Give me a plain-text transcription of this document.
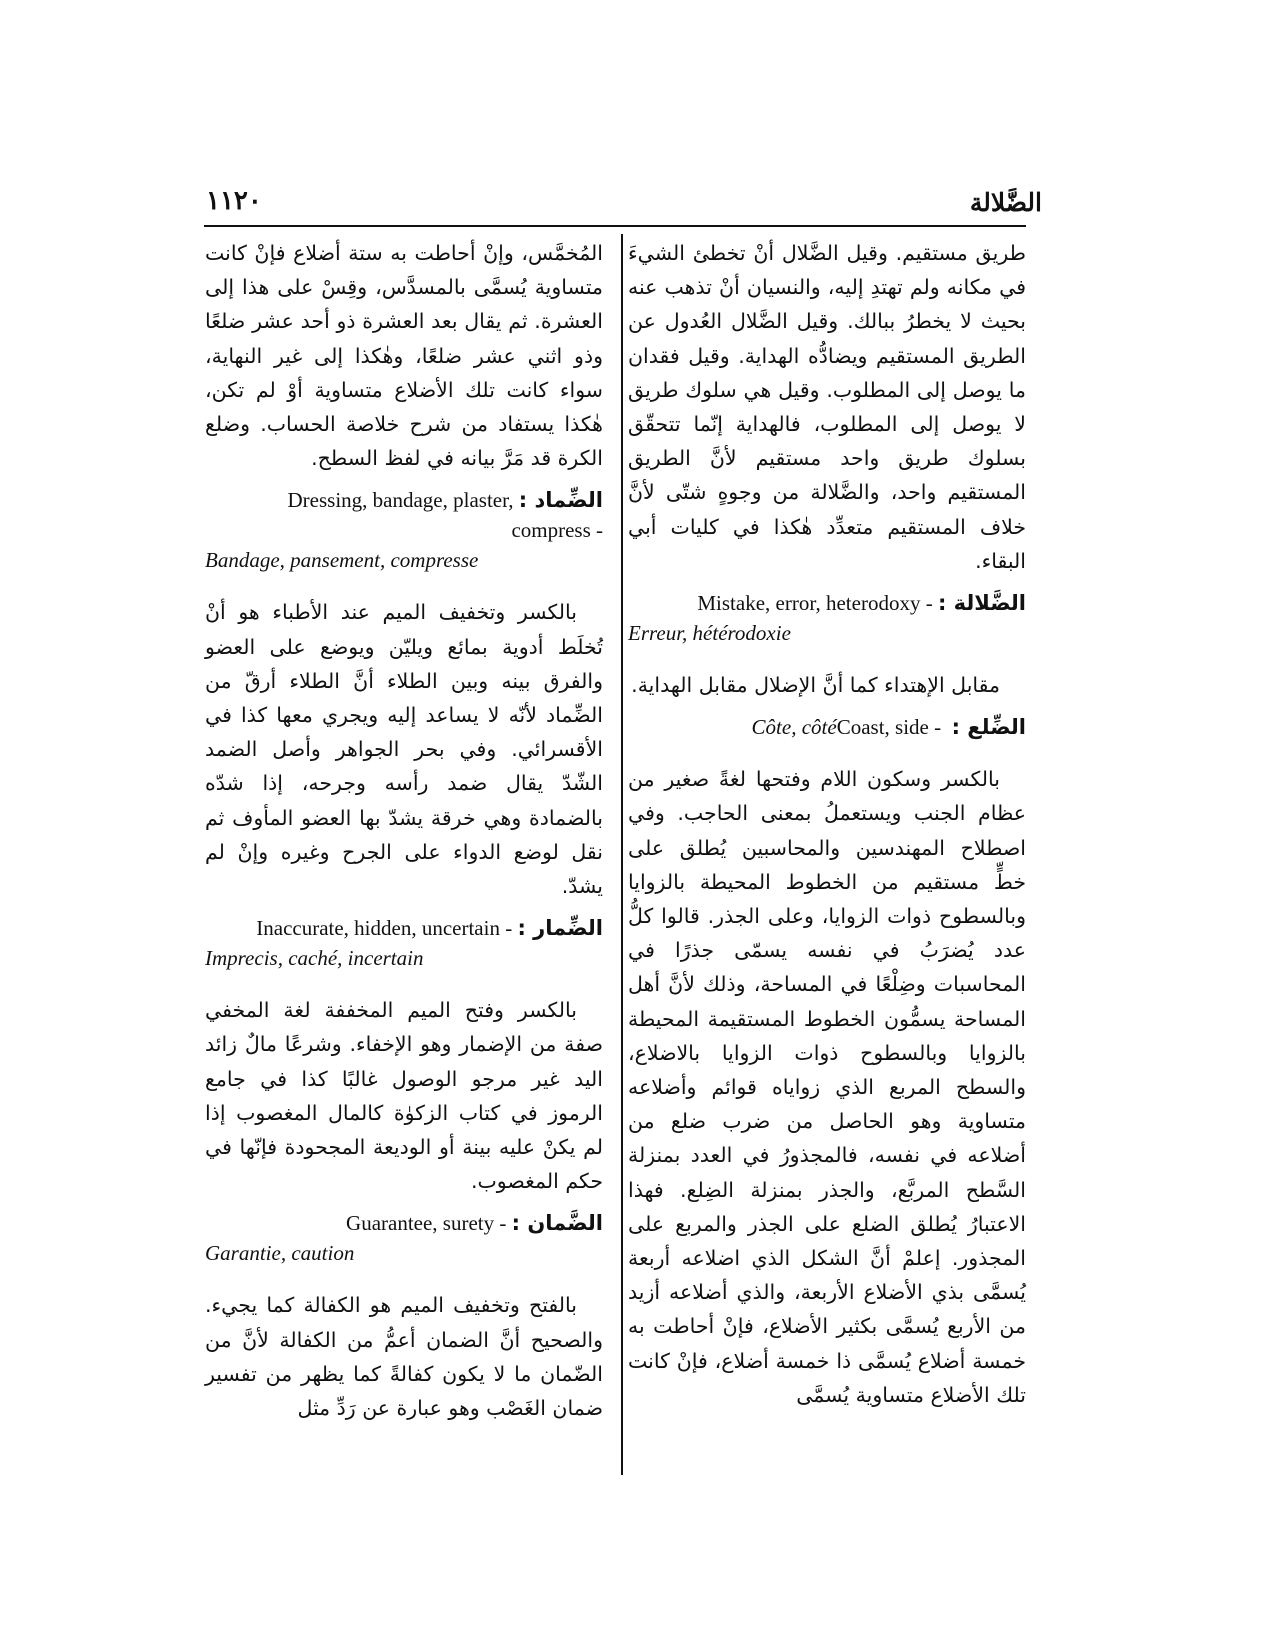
الضَّلالة
١١٢٠

طريق مستقيم. وقيل الضَّلال أنْ تخطئ الشيءَ في مكانه ولم تهتدِ إليه، والنسيان أنْ تذهب عنه بحيث لا يخطرُ ببالك. وقيل الضَّلال العُدول عن الطريق المستقيم ويضادُّه الهداية. وقيل فقدان ما يوصل إلى المطلوب. وقيل هي سلوك طريق لا يوصل إلى المطلوب، فالهداية إنّما تتحقّق بسلوك طريق واحد مستقيم لأنَّ الطريق المستقيم واحد، والضَّلالة من وجوهٍ شتّى لأنَّ خلاف المستقيم متعدِّد هٰكذا في كليات أبي البقاء.

الضَّلالة : Mistake, error, heterodoxy -
Erreur, hétérodoxie

مقابل الإهتداء كما أنَّ الإضلال مقابل الهداية.

الضِّلع : Coast, side - Côte, côté

بالكسر وسكون اللام وفتحها لغةً صغير من عظام الجنب ويستعملُ بمعنى الحاجب. وفي اصطلاح المهندسين والمحاسبين يُطلق على خطٍّ مستقيم من الخطوط المحيطة بالزوايا وبالسطوح ذوات الزوايا، وعلى الجذر. قالوا كلُّ عدد يُضرَبُ في نفسه يسمّى جذرًا في المحاسبات وضِلْعًا في المساحة، وذلك لأنَّ أهل المساحة يسمُّون الخطوط المستقيمة المحيطة بالزوايا وبالسطوح ذوات الزوايا بالاضلاع، والسطح المربع الذي زواياه قوائم وأضلاعه متساوية وهو الحاصل من ضرب ضلع من أضلاعه في نفسه، فالمجذورُ في العدد بمنزلة السَّطح المربَّع، والجذر بمنزلة الضِلع. فهذا الاعتبارُ يُطلق الضلع على الجذر والمربع على المجذور. إعلمْ أنَّ الشكل الذي اضلاعه أربعة يُسمَّى بذي الأضلاع الأربعة، والذي أضلاعه أزيد من الأربع يُسمَّى بكثير الأضلاع، فإنْ أحاطت به خمسة أضلاع يُسمَّى ذا خمسة أضلاع، فإنْ كانت تلك الأضلاع متساوية يُسمَّى

المُخمَّس، وإنْ أحاطت به ستة أضلاع فإنْ كانت متساوية يُسمَّى بالمسدَّس، وقِسْ على هذا إلى العشرة. ثم يقال بعد العشرة ذو أحد عشر ضلعًا وذو اثني عشر ضلعًا، وهٰكذا إلى غير النهاية، سواء كانت تلك الأضلاع متساوية أوْ لم تكن، هٰكذا يستفاد من شرح خلاصة الحساب. وضلع الكرة قد مَرَّ بيانه في لفظ السطح.

الضِّماد : Dressing, bandage, plaster, compress -
Bandage, pansement, compresse

بالكسر وتخفيف الميم عند الأطباء هو أنْ تُخلَط أدوية بمائع ويليّن ويوضع على العضو والفرق بينه وبين الطلاء أنَّ الطلاء أرقّ من الضِّماد لأنّه لا يساعد إليه ويجري معها كذا في الأقسرائي. وفي بحر الجواهر وأصل الضمد الشّدّ يقال ضمد رأسه وجرحه، إذا شدّه بالضمادة وهي خرقة يشدّ بها العضو المأوف ثم نقل لوضع الدواء على الجرح وغيره وإنْ لم يشدّ.

الضِّمار : Inaccurate, hidden, uncertain -
Imprecis, caché, incertain

بالكسر وفتح الميم المخففة لغة المخفي صفة من الإضمار وهو الإخفاء. وشرعًا مالٌ زائد اليد غير مرجو الوصول غالبًا كذا في جامع الرموز في كتاب الزكوٰة كالمال المغصوب إذا لم يكنْ عليه بينة أو الوديعة المجحودة فإنّها في حكم المغصوب.

الضَّمان : Guarantee, surety -
Garantie, caution

بالفتح وتخفيف الميم هو الكفالة كما يجيء. والصحيح أنَّ الضمان أعمُّ من الكفالة لأنَّ من الضّمان ما لا يكون كفالةً كما يظهر من تفسير ضمان الغَصْب وهو عبارة عن رَدِّ مثل
